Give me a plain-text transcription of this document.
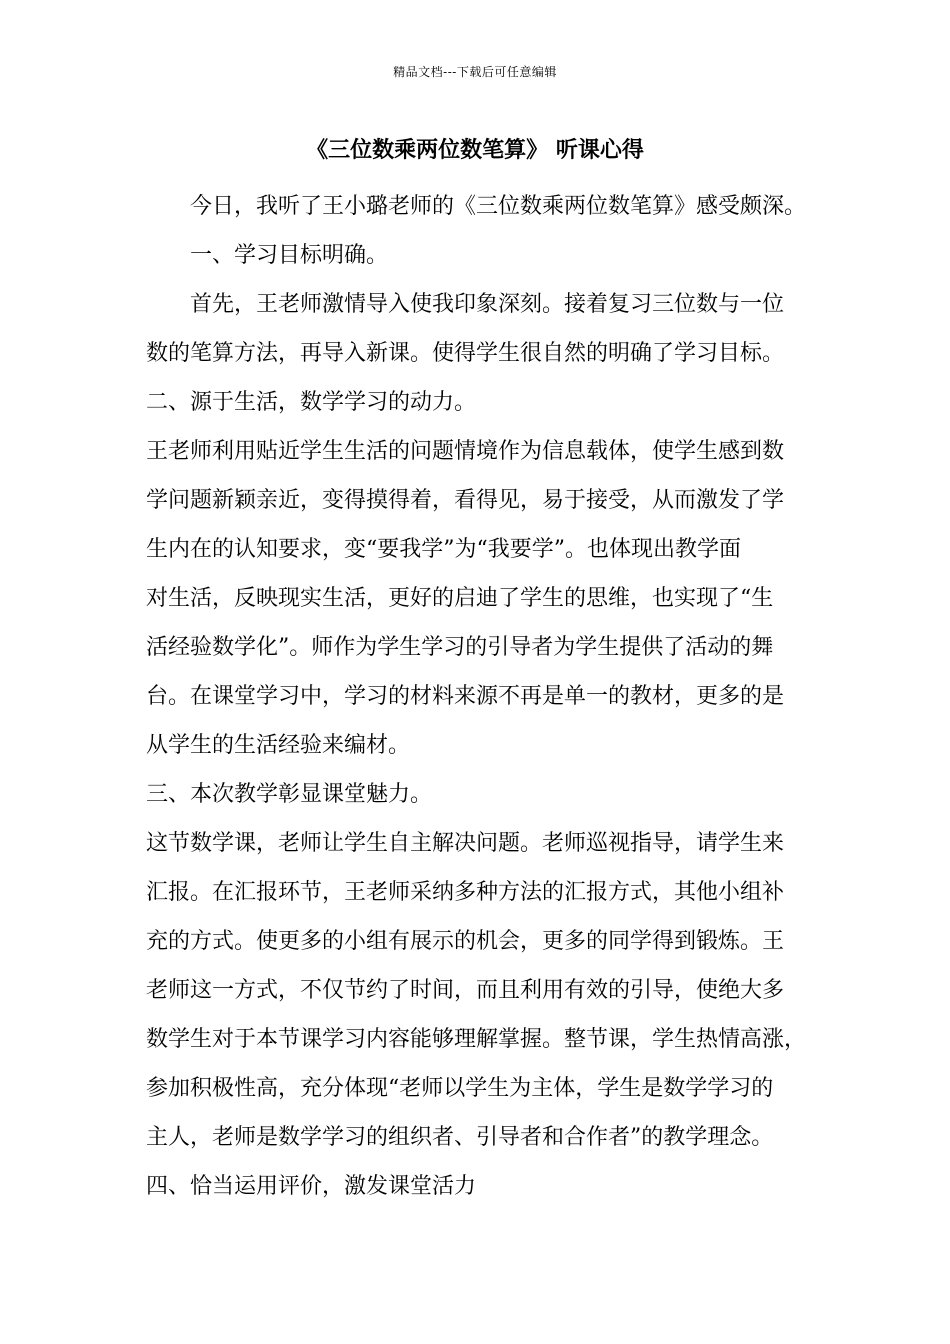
精品文档---下载后可任意编辑
《三位数乘两位数笔算》 听课心得
今日，我听了王小璐老师的《三位数乘两位数笔算》感受颇深。
一、学习目标明确。
首先，王老师激情导入使我印象深刻。接着复习三位数与一位
数的笔算方法，再导入新课。使得学生很自然的明确了学习目标。
二、源于生活，数学学习的动力。
王老师利用贴近学生生活的问题情境作为信息载体，使学生感到数
学问题新颖亲近，变得摸得着，看得见，易于接受，从而激发了学
生内在的认知要求，变“要我学”为“我要学”。也体现出教学面
对生活，反映现实生活，更好的启迪了学生的思维，也实现了“生
活经验数学化”。师作为学生学习的引导者为学生提供了活动的舞
台。在课堂学习中，学习的材料来源不再是单一的教材，更多的是
从学生的生活经验来编材。
三、本次教学彰显课堂魅力。
这节数学课，老师让学生自主解决问题。老师巡视指导，请学生来
汇报。在汇报环节，王老师采纳多种方法的汇报方式，其他小组补
充的方式。使更多的小组有展示的机会，更多的同学得到锻炼。王
老师这一方式，不仅节约了时间，而且利用有效的引导，使绝大多
数学生对于本节课学习内容能够理解掌握。整节课，学生热情高涨，
参加积极性高，充分体现“老师以学生为主体，学生是数学学习的
主人，老师是数学学习的组织者、引导者和合作者”的教学理念。
四、恰当运用评价，激发课堂活力
